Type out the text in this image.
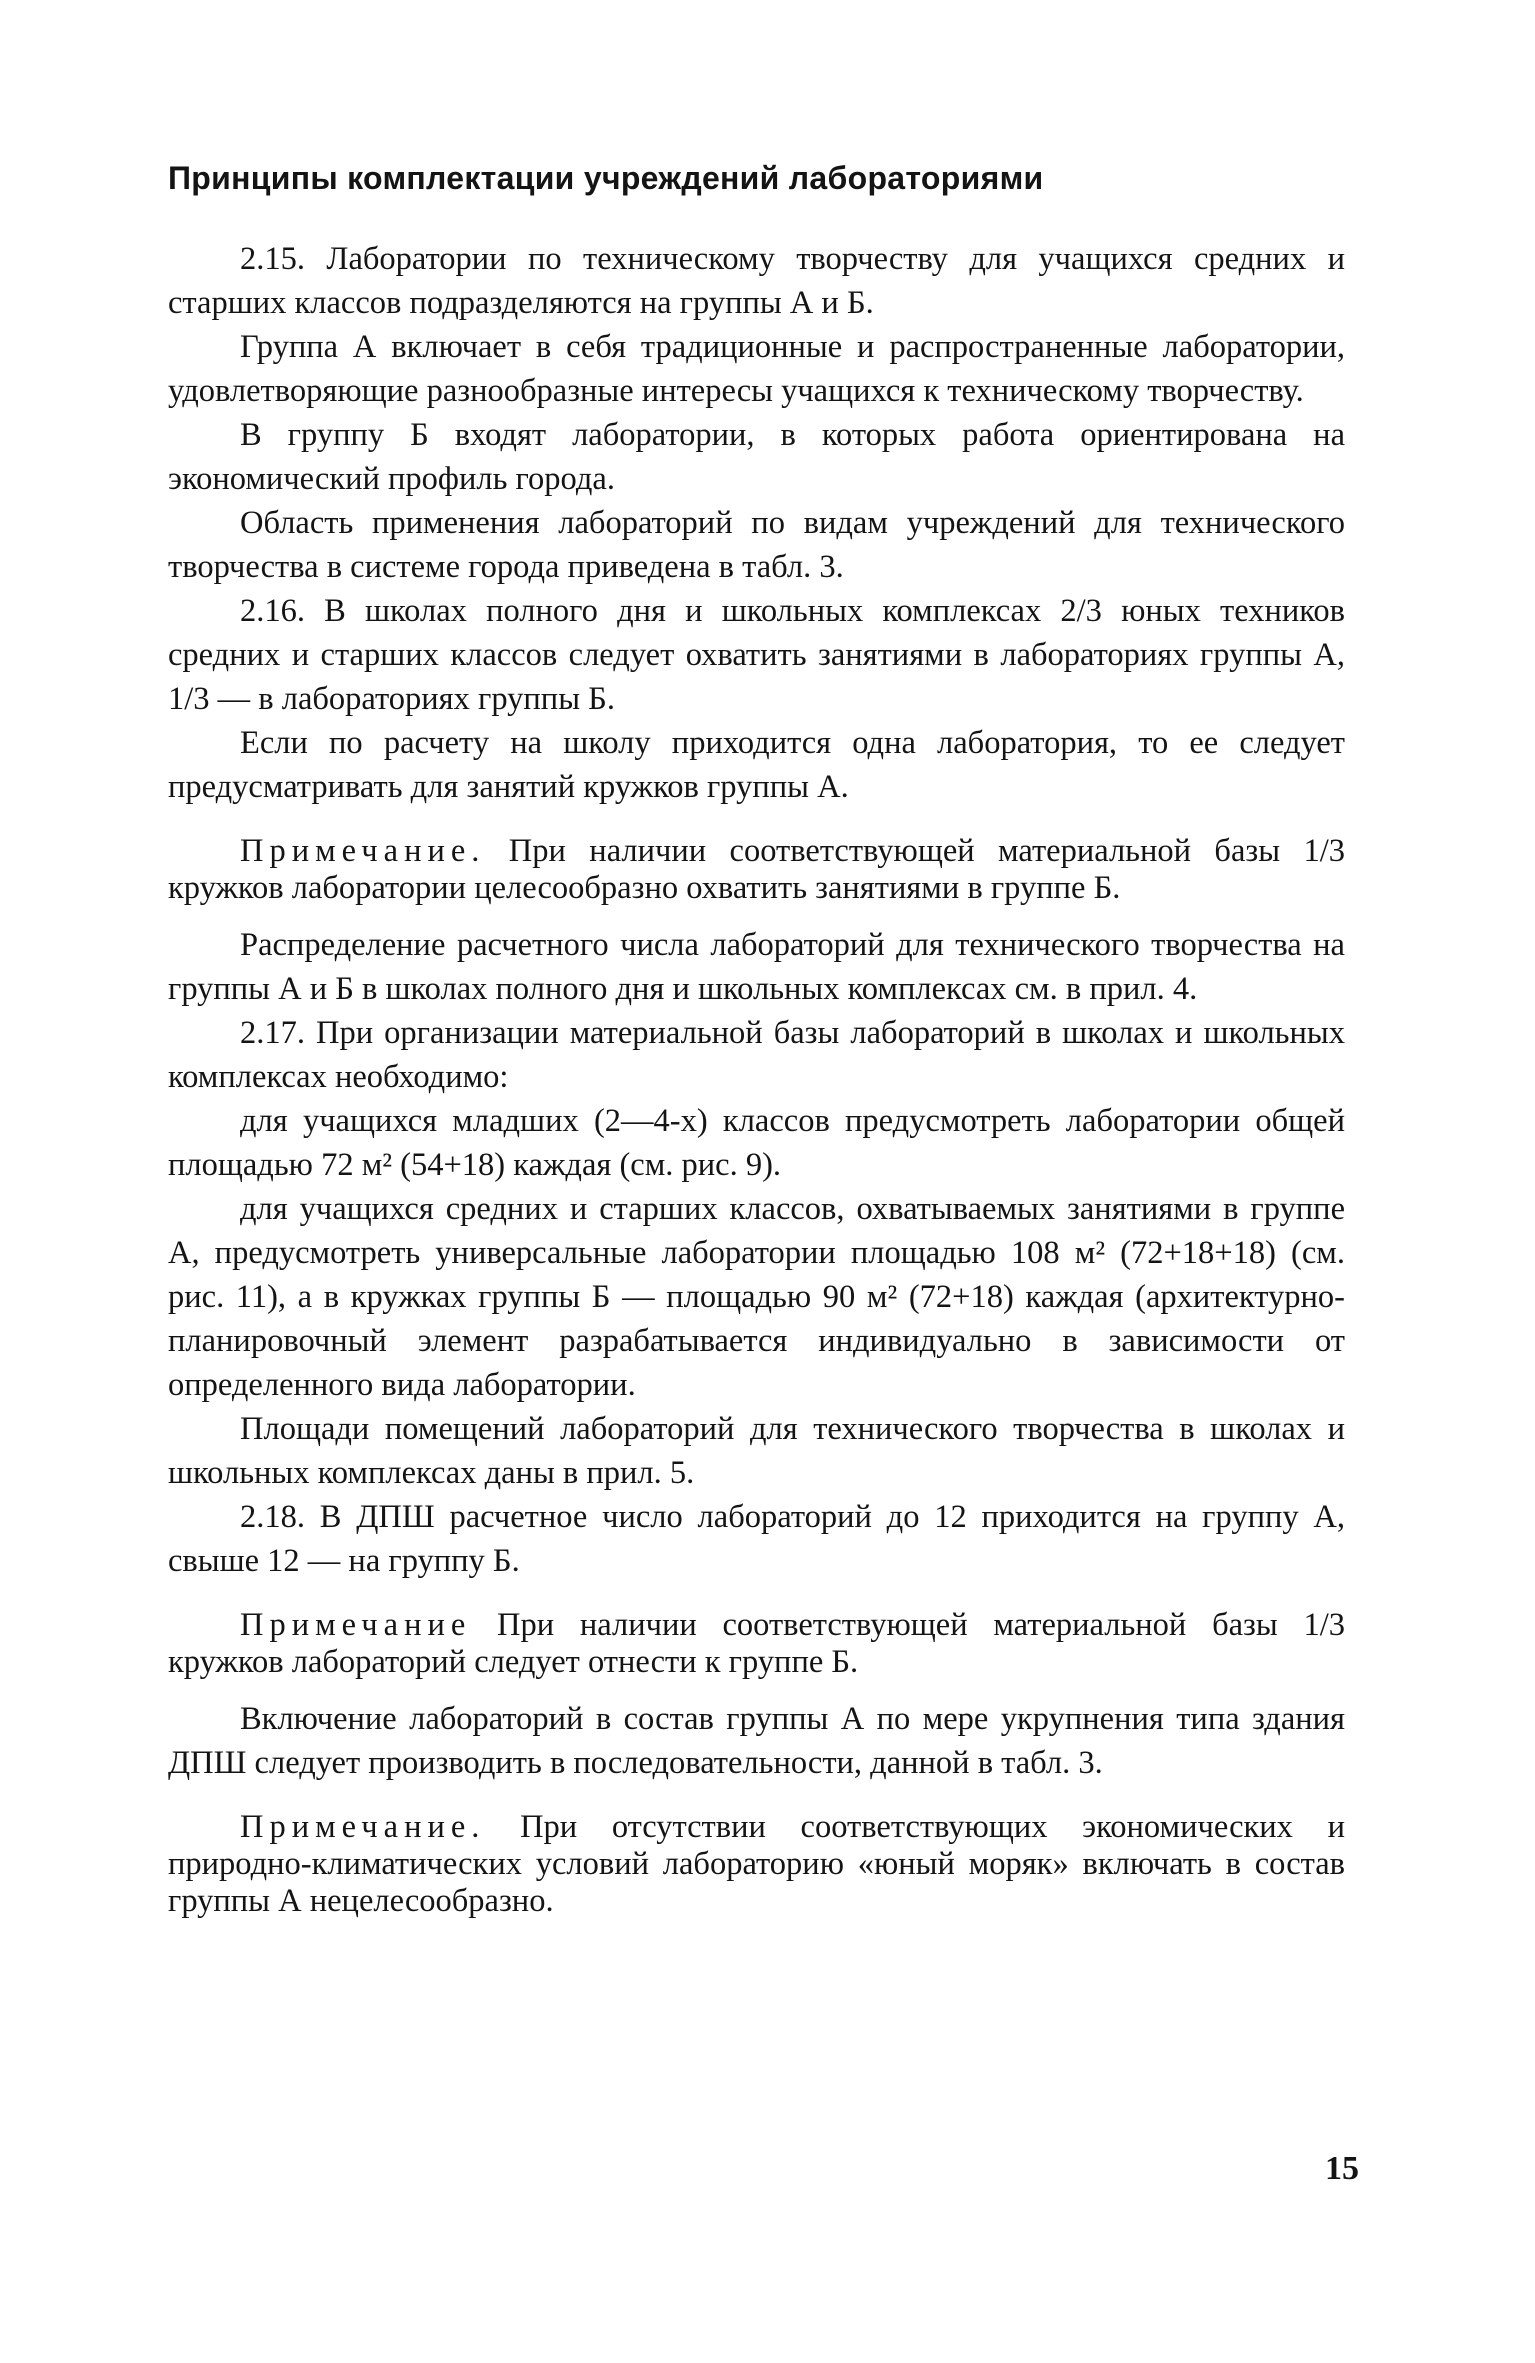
Принципы комплектации учреждений лабораториями

2.15. Лаборатории по техническому творчеству для учащихся средних и старших классов подразделяются на группы А и Б.

Группа А включает в себя традиционные и распространенные лаборатории, удовлетворяющие разнообразные интересы учащихся к техническому творчеству.

В группу Б входят лаборатории, в которых работа ориентирована на экономический профиль города.

Область применения лабораторий по видам учреждений для технического творчества в системе города приведена в табл. 3.

2.16. В школах полного дня и школьных комплексах 2/3 юных техников средних и старших классов следует охватить занятиями в лабораториях группы А, 1/3 — в лабораториях группы Б.

Если по расчету на школу приходится одна лаборатория, то ее следует предусматривать для занятий кружков группы А.

Примечание. При наличии соответствующей материальной базы 1/3 кружков лаборатории целесообразно охватить занятиями в группе Б.

Распределение расчетного числа лабораторий для технического творчества на группы А и Б в школах полного дня и школьных комплексах см. в прил. 4.

2.17. При организации материальной базы лабораторий в школах и школьных комплексах необходимо:

для учащихся младших (2—4-х) классов предусмотреть лаборатории общей площадью 72 м² (54+18) каждая (см. рис. 9).

для учащихся средних и старших классов, охватываемых занятиями в группе А, предусмотреть универсальные лаборатории площадью 108 м² (72+18+18) (см. рис. 11), а в кружках группы Б — площадью 90 м² (72+18) каждая (архитектурно-планировочный элемент разрабатывается индивидуально в зависимости от определенного вида лаборатории.

Площади помещений лабораторий для технического творчества в школах и школьных комплексах даны в прил. 5.

2.18. В ДПШ расчетное число лабораторий до 12 приходится на группу А, свыше 12 — на группу Б.

Примечание При наличии соответствующей материальной базы 1/3 кружков лабораторий следует отнести к группе Б.

Включение лабораторий в состав группы А по мере укрупнения типа здания ДПШ следует производить в последовательности, данной в табл. 3.

Примечание. При отсутствии соответствующих экономических и природно-климатических условий лабораторию «юный моряк» включать в состав группы А нецелесообразно.

15
